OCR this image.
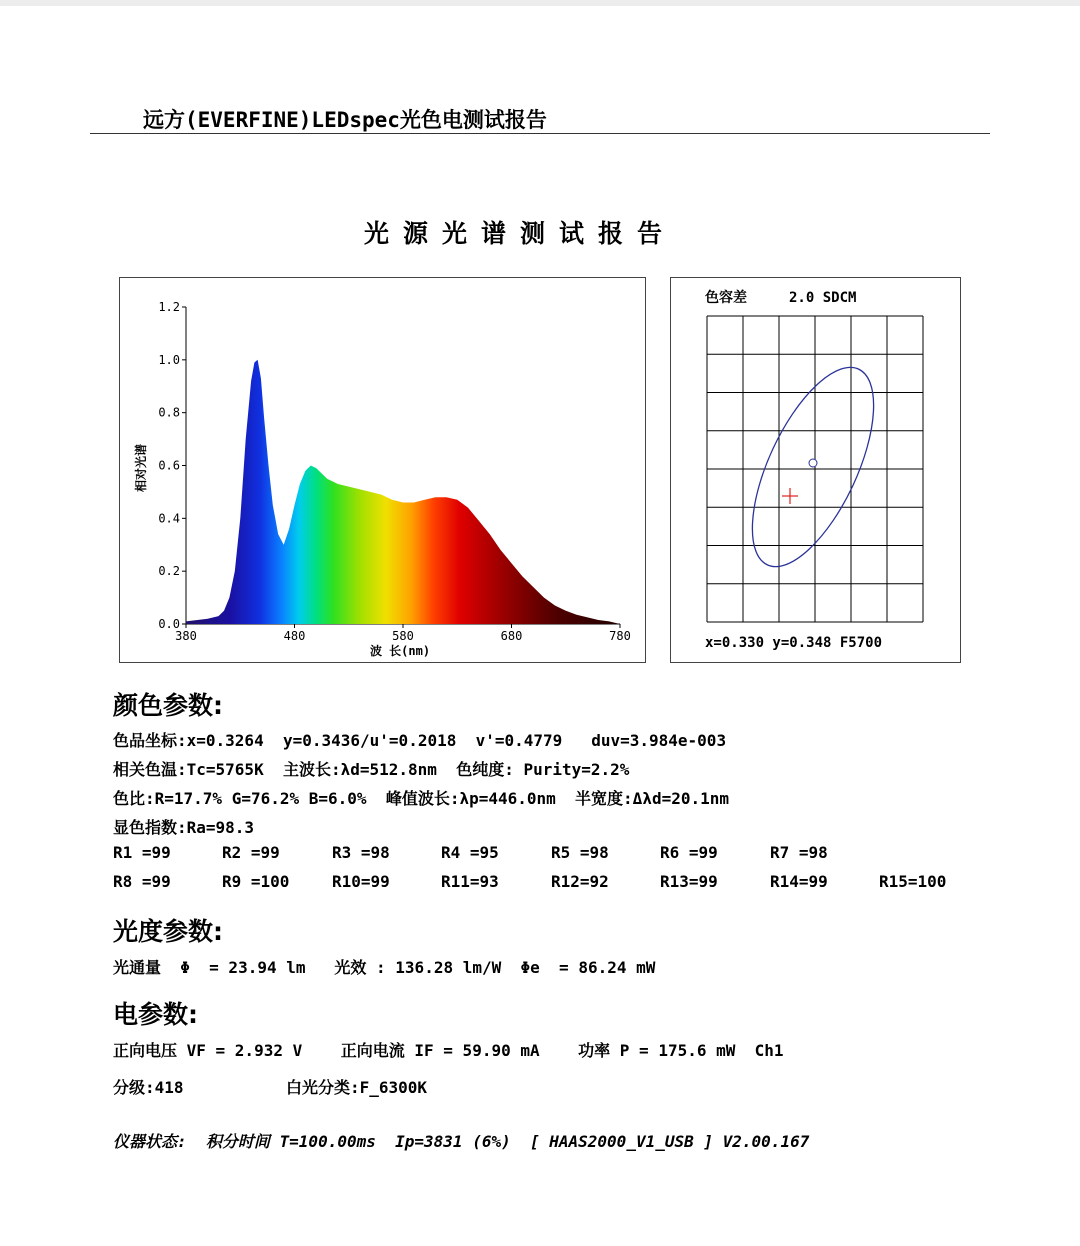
远方(EVERFINE)LEDspec光色电测试报告
光源光谱测试报告
0.0
0.2
0.4
0.6
0.8
1.0
1.2
380	480	580	680	780
相对光谱
波 长(nm)
色容差	2.0 SDCM
x=0.330 y=0.348 F5700
颜色参数:
色品坐标:x=0.3264  y=0.3436/u'=0.2018  v'=0.4779   duv=3.984e-003
相关色温:Tc=5765K  主波长:λd=512.8nm  色纯度: Purity=2.2%
色比:R=17.7% G=76.2% B=6.0%  峰值波长:λp=446.0nm  半宽度:Δλd=20.1nm
显色指数:Ra=98.3
R1 =99	R2 =99	R3 =98	R4 =95	R5 =98	R6 =99	R7 =98
R8 =99	R9 =100	R10=99	R11=93	R12=92	R13=99	R14=99	R15=100
光度参数:
光通量  Φ  = 23.94 lm   光效 : 136.28 lm/W  Φe  = 86.24 mW
电参数:
正向电压 VF = 2.932 V    正向电流 IF = 59.90 mA    功率 P = 175.6 mW  Ch1
分级:418	白光分类:F_6300K
仪器状态:  积分时间 T=100.00ms  Ip=3831 (6%)  [ HAAS2000_V1_USB ] V2.00.167
